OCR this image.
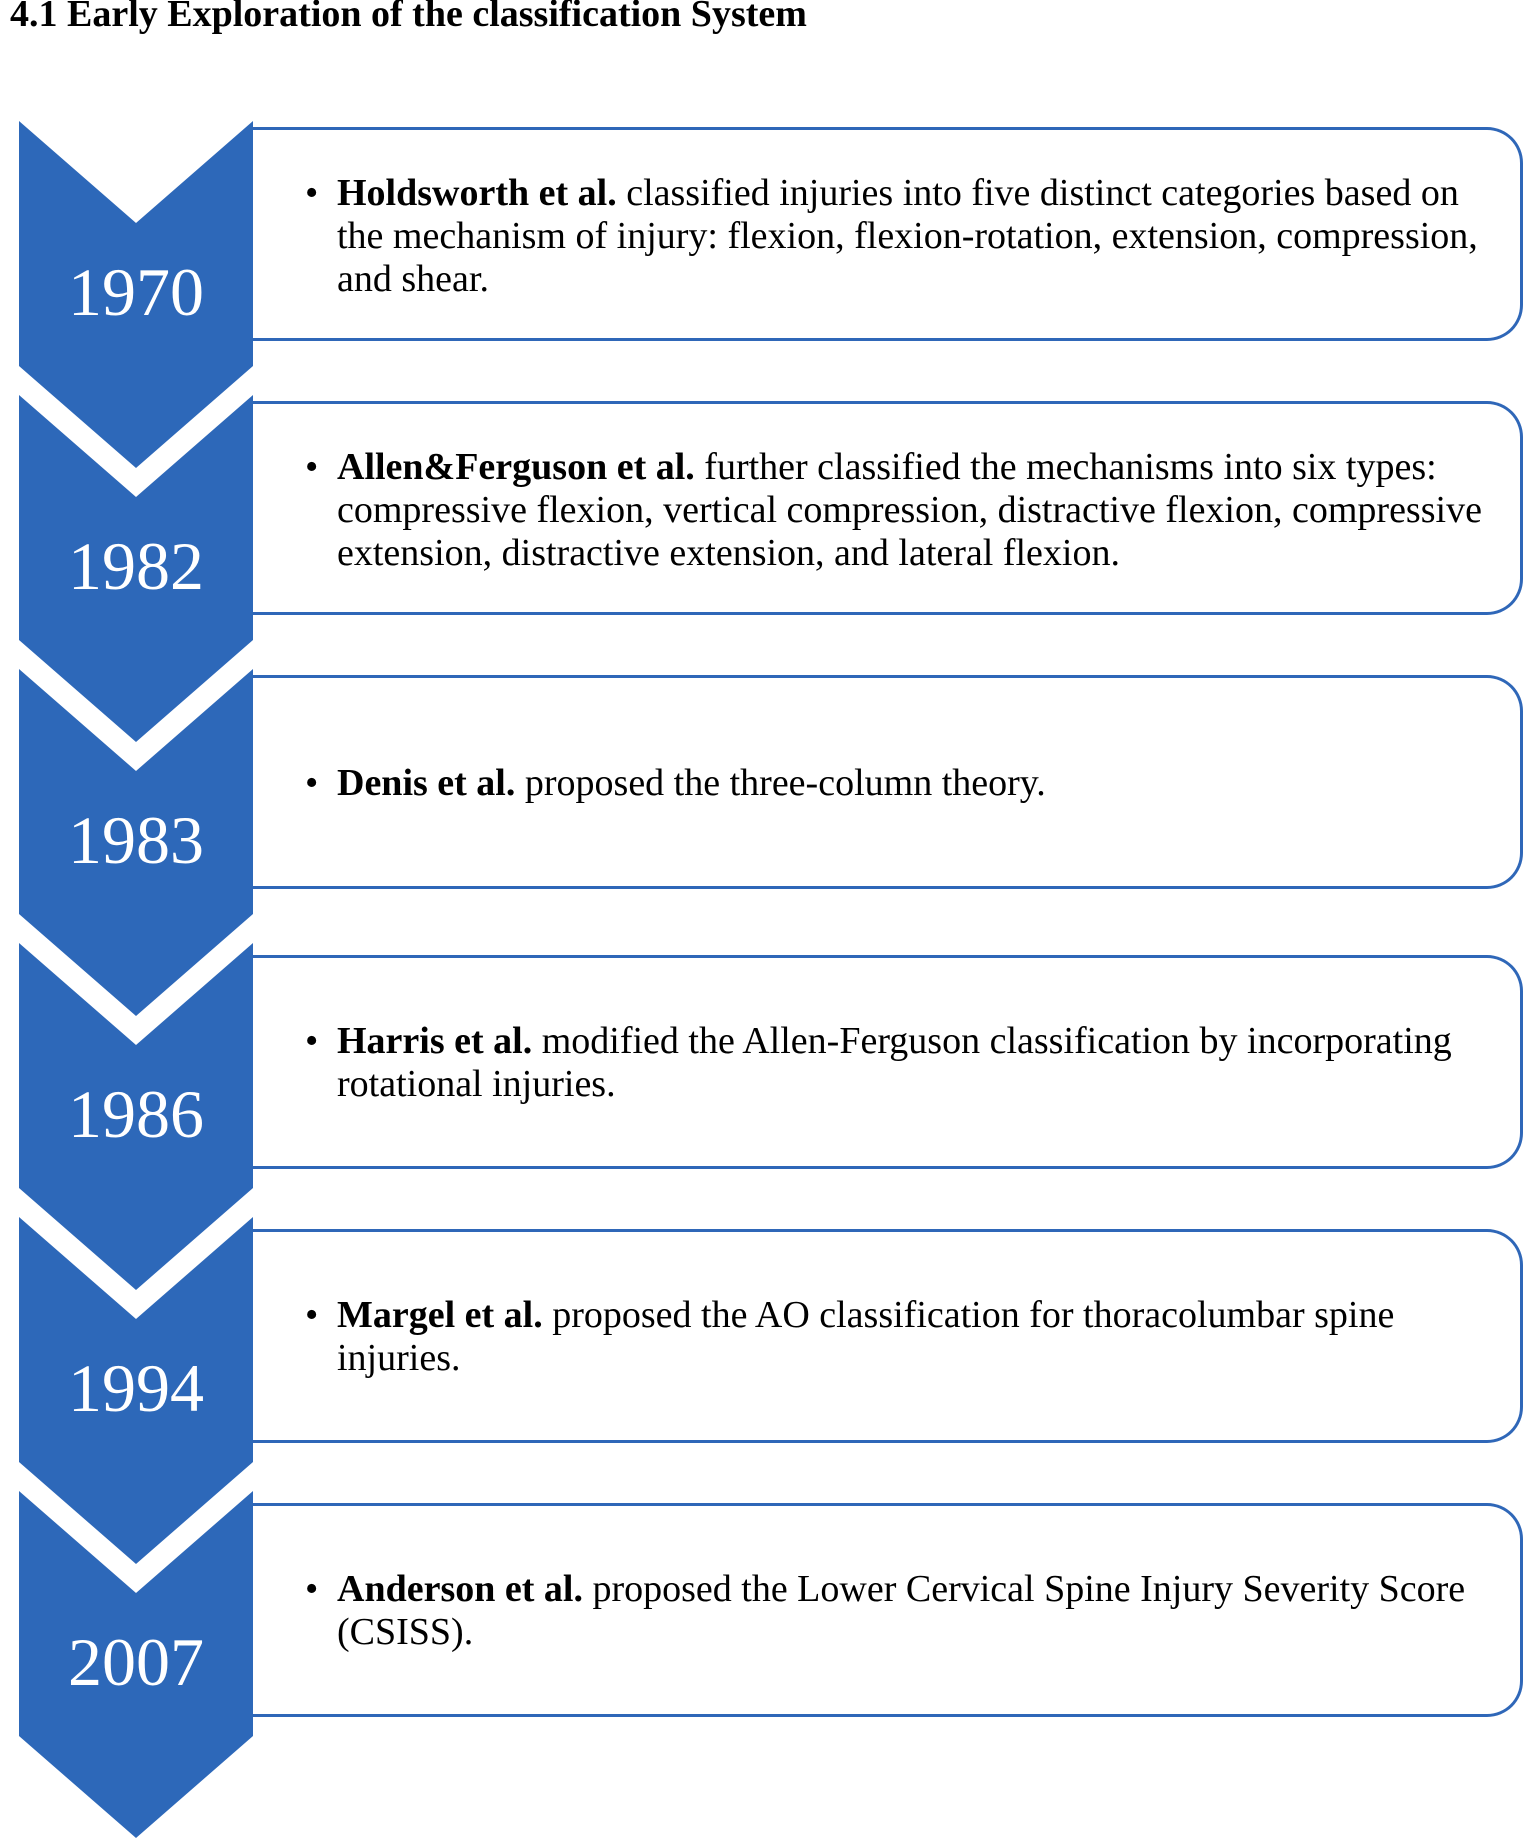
4.1 Early Exploration of the classification System
1970
1982
1983
1986
1994
2007
• Holdsworth et al. classified injuries into five distinct categories based on the mechanism of injury: flexion, flexion-rotation, extension, compression, and shear.
• Allen&Ferguson et al. further classified the mechanisms into six types: compressive flexion, vertical compression, distractive flexion, compressive extension, distractive extension, and lateral flexion.
• Denis et al. proposed the three-column theory.
• Harris et al. modified the Allen-Ferguson classification by incorporating rotational injuries.
• Margel et al. proposed the AO classification for thoracolumbar spine injuries.
• Anderson et al. proposed the Lower Cervical Spine Injury Severity Score (CSISS).
